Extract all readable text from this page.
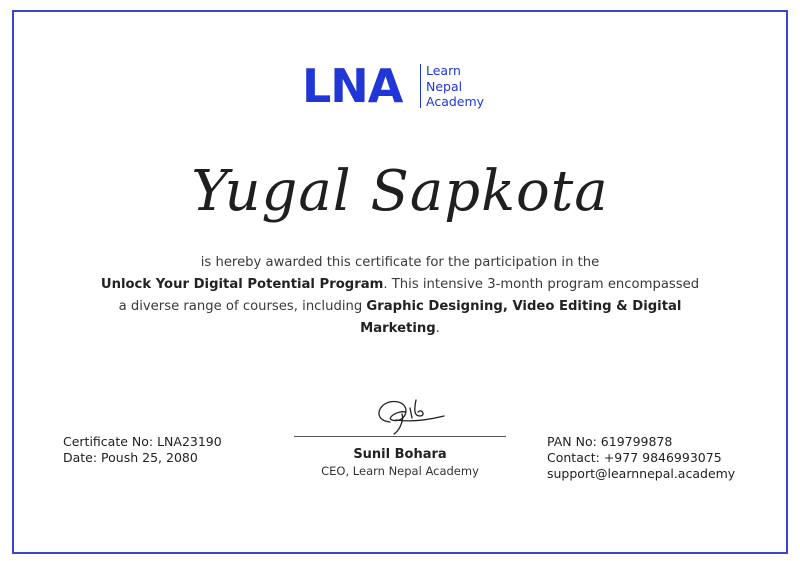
LNA Learn
Nepal
Academy
Yugal Sapkota
is hereby awarded this certificate for the participation in the
Unlock Your Digital Potential Program. This intensive 3-month program encompassed a diverse range of courses, including Graphic Designing, Video Editing & Digital Marketing.
Certificate No: LNA23190
Date: Poush 25, 2080	Sunil Bohara
CEO, Learn Nepal Academy
PAN No: 619799878
Contact: +977 9846993075
support@learnnepal.academy
